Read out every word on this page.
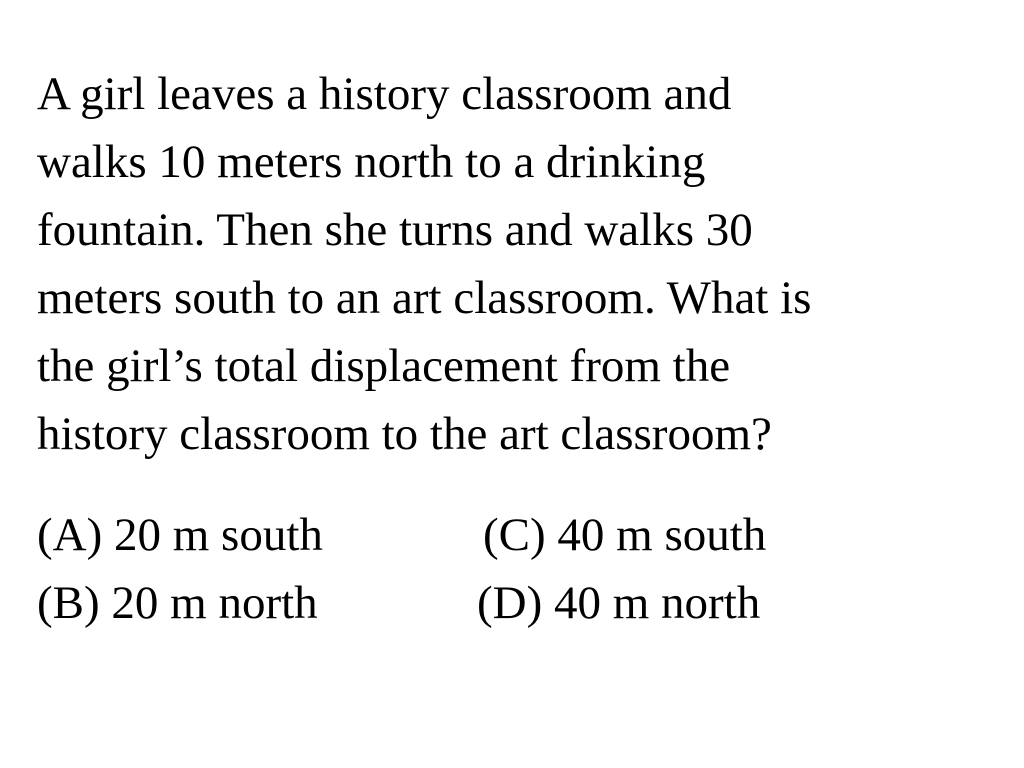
A girl leaves a history classroom and
walks 10 meters north to a drinking
fountain. Then she turns and walks 30
meters south to an art classroom. What is
the girl’s total displacement from the
history classroom to the art classroom?
(A) 20 m south	(C) 40 m south
(B) 20 m north	(D) 40 m north
